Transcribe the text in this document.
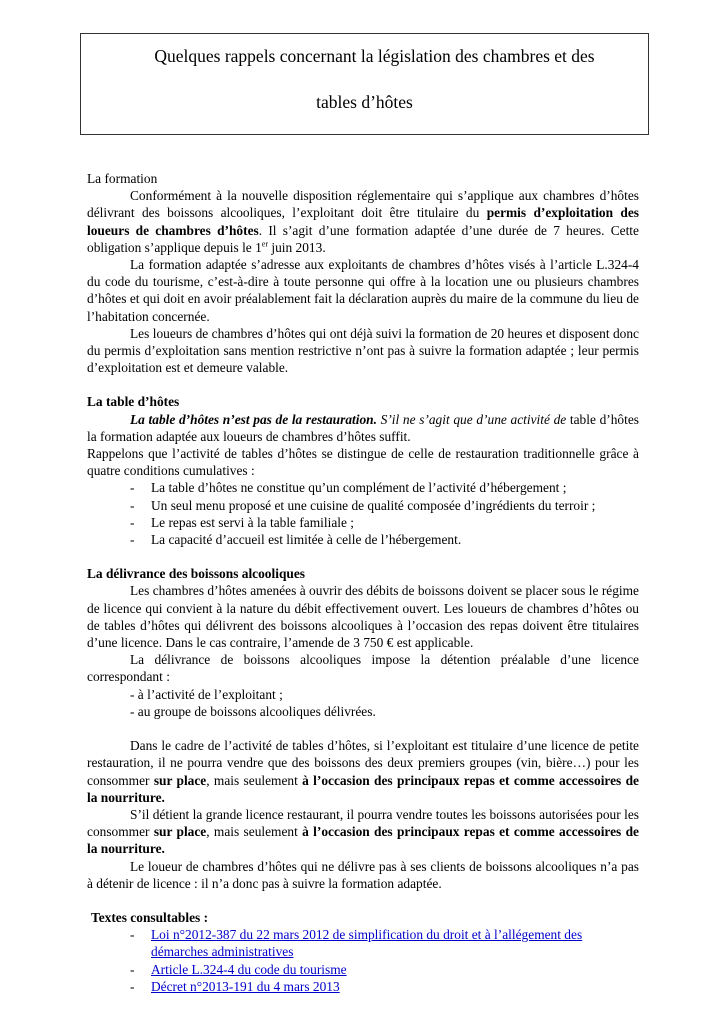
Quelques rappels concernant la législation des chambres et des
tables d’hôtes

La formation

Conformément à la nouvelle disposition réglementaire qui s’applique aux chambres d’hôtes délivrant des boissons alcooliques, l’exploitant doit être titulaire du permis d’exploitation des loueurs de chambres d’hôtes. Il s’agit d’une formation adaptée d’une durée de 7 heures. Cette obligation s’applique depuis le 1er juin 2013.

La formation adaptée s’adresse aux exploitants de chambres d’hôtes visés à l’article L.324-4 du code du tourisme, c’est-à-dire à toute personne qui offre à la location une ou plusieurs chambres d’hôtes et qui doit en avoir préalablement fait la déclaration auprès du maire de la commune du lieu de l’habitation concernée.

Les loueurs de chambres d’hôtes qui ont déjà suivi la formation de 20 heures et disposent donc du permis d’exploitation sans mention restrictive n’ont pas à suivre la formation adaptée ; leur permis d’exploitation est et demeure valable.

La table d’hôtes

La table d’hôtes n’est pas de la restauration. S’il ne s’agit que d’une activité de table d’hôtes la formation adaptée aux loueurs de chambres d’hôtes suffit.

Rappelons que l’activité de tables d’hôtes se distingue de celle de restauration traditionnelle grâce à quatre conditions cumulatives :

- La table d’hôtes ne constitue qu’un complément de l’activité d’hébergement ;
- Un seul menu proposé et une cuisine de qualité composée d’ingrédients du terroir ;
- Le repas est servi à la table familiale ;
- La capacité d’accueil est limitée à celle de l’hébergement.

La délivrance des boissons alcooliques

Les chambres d’hôtes amenées à ouvrir des débits de boissons doivent se placer sous le régime de licence qui convient à la nature du débit effectivement ouvert. Les loueurs de chambres d’hôtes ou de tables d’hôtes qui délivrent des boissons alcooliques à l’occasion des repas doivent être titulaires d’une licence. Dans le cas contraire, l’amende de 3 750 € est applicable.

La délivrance de boissons alcooliques impose la détention préalable d’une licence correspondant :

- à l’activité de l’exploitant ;

- au groupe de boissons alcooliques délivrées.

Dans le cadre de l’activité de tables d’hôtes, si l’exploitant est titulaire d’une licence de petite restauration, il ne pourra vendre que des boissons des deux premiers groupes (vin, bière…) pour les consommer sur place, mais seulement à l’occasion des principaux repas et comme accessoires de la nourriture.

S’il détient la grande licence restaurant, il pourra vendre toutes les boissons autorisées pour les consommer sur place, mais seulement à l’occasion des principaux repas et comme accessoires de la nourriture.

Le loueur de chambres d’hôtes qui ne délivre pas à ses clients de boissons alcooliques n’a pas à détenir de licence : il n’a donc pas à suivre la formation adaptée.

Textes consultables :

- Loi n°2012-387 du 22 mars 2012 de simplification du droit et à l’allégement des démarches administratives
- Article L.324-4 du code du tourisme
- Décret n°2013-191 du 4 mars 2013
